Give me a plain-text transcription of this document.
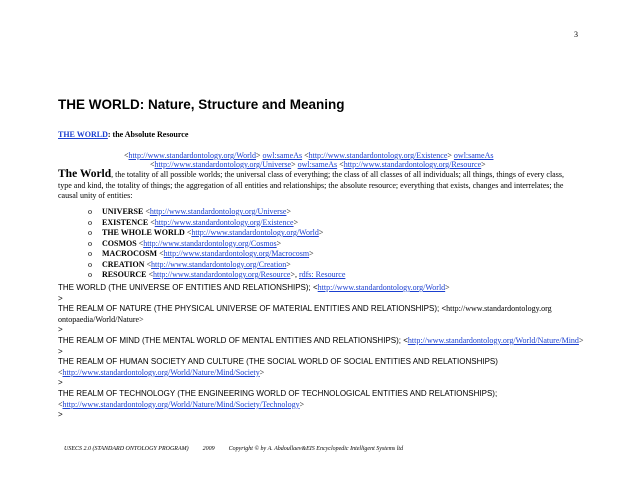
3
THE WORLD: Nature, Structure and Meaning
THE WORLD: the Absolute Resource
<http://www.standardontology.org/World> owl:sameAs <http://www.standardontology.org/Existence> owl:sameAs
<http://www.standardontology.org/Universe> owl:sameAs <http://www.standardontology.org/Resource>
The World, the totality of all possible worlds; the universal class of everything; the class of all classes of all individuals; all things, things of every class, type and kind, the totality of things; the aggregation of all entities and relationships; the absolute resource; everything that exists, changes and interrelates; the causal unity of entities:
o UNIVERSE <http://www.standardontology.org/Universe>
o EXISTENCE <http://www.standardontology.org/Existence>
o THE WHOLE WORLD <http://www.standardontology.org/World>
o COSMOS <http://www.standardontology.org/Cosmos>
o MACROCOSM <http://www.standardontology.org/Macrocosm>
o CREATION <http://www.standardontology.org/Creation>
o RESOURCE <http://www.standardontology.org/Resource>, rdfs: Resource
THE WORLD (THE UNIVERSE OF ENTITIES AND RELATIONSHIPS); <http://www.standardontology.org/World>
>
THE REALM OF NATURE (THE PHYSICAL UNIVERSE OF MATERIAL ENTITIES AND RELATIONSHIPS); <http://www.standardontology.org
ontopaedia/World/Nature>
>
THE REALM OF MIND (THE MENTAL WORLD OF MENTAL ENTITIES AND RELATIONSHIPS); <http://www.standardontology.org/World/Nature/Mind>
>
THE REALM OF HUMAN SOCIETY AND CULTURE (THE SOCIAL WORLD OF SOCIAL ENTITIES AND RELATIONSHIPS)
<http://www.standardontology.org/World/Nature/Mind/Society>
>
THE REALM OF TECHNOLOGY (THE ENGINEERING WORLD OF TECHNOLOGICAL ENTITIES AND RELATIONSHIPS);
<http://www.standardontology.org/World/Nature/Mind/Society/Technology>
>
USECS 2.0 (STANDARD ONTOLOGY PROGRAM) 2009 Copyright © by A. Abdoullaev&EIS Encyclopedic Intelligent Systems ltd
